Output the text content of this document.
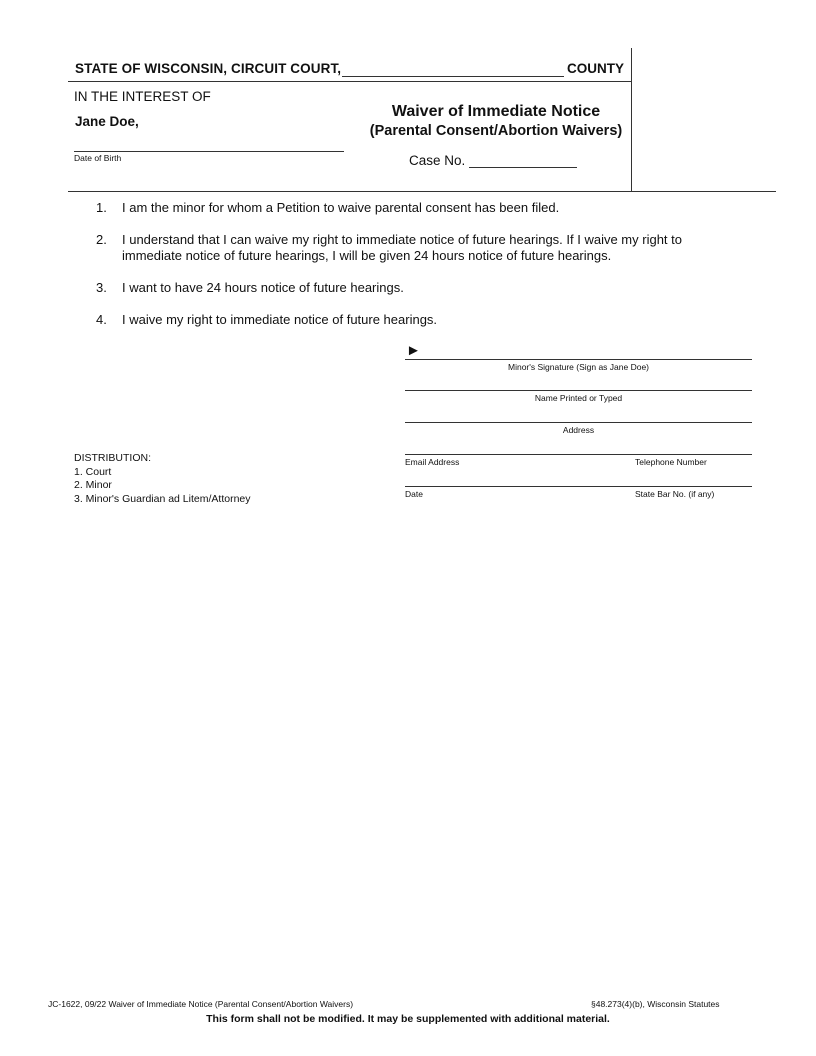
STATE OF WISCONSIN, CIRCUIT COURT,	COUNTY
IN THE INTEREST OF
Jane Doe,
Date of Birth
Waiver of Immediate Notice
(Parental Consent/Abortion Waivers)
Case No.
1.	I am the minor for whom a Petition to waive parental consent has been filed.
2.	I understand that I can waive my right to immediate notice of future hearings. If I waive my right to immediate notice of future hearings, I will be given 24 hours notice of future hearings.
3.	I want to have 24 hours notice of future hearings.
4.	I waive my right to immediate notice of future hearings.
►
Minor's Signature (Sign as Jane Doe)
Name Printed or Typed
Address
Email Address	Telephone Number
Date	State Bar No. (if any)
DISTRIBUTION:
1. Court
2. Minor
3. Minor's Guardian ad Litem/Attorney
JC-1622, 09/22 Waiver of Immediate Notice (Parental Consent/Abortion Waivers)	§48.273(4)(b), Wisconsin Statutes
This form shall not be modified. It may be supplemented with additional material.
